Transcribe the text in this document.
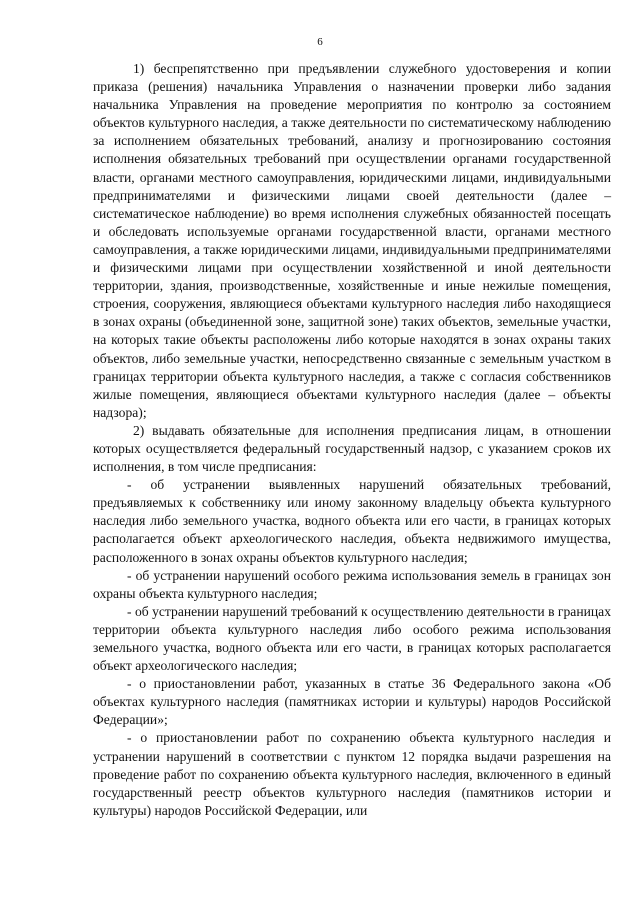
6

1) беспрепятственно при предъявлении служебного удостоверения и копии приказа (решения) начальника Управления о назначении проверки либо задания начальника Управления на проведение мероприятия по контролю за состоянием объектов культурного наследия, а также деятельности по систематическому наблюдению за исполнением обязательных требований, анализу и прогнозированию состояния исполнения обязательных требований при осуществлении органами государственной власти, органами местного самоуправления, юридическими лицами, индивидуальными предпринимателями и физическими лицами своей деятельности (далее – систематическое наблюдение) во время исполнения служебных обязанностей посещать и обследовать используемые органами государственной власти, органами местного самоуправления, а также юридическими лицами, индивидуальными предпринимателями и физическими лицами при осуществлении хозяйственной и иной деятельности территории, здания, производственные, хозяйственные и иные нежилые помещения, строения, сооружения, являющиеся объектами культурного наследия либо находящиеся в зонах охраны (объединенной зоне, защитной зоне) таких объектов, земельные участки, на которых такие объекты расположены либо которые находятся в зонах охраны таких объектов, либо земельные участки, непосредственно связанные с земельным участком в границах территории объекта культурного наследия, а также с согласия собственников жилые помещения, являющиеся объектами культурного наследия (далее – объекты надзора);

2) выдавать обязательные для исполнения предписания лицам, в отношении которых осуществляется федеральный государственный надзор, с указанием сроков их исполнения, в том числе предписания:

- об устранении выявленных нарушений обязательных требований, предъявляемых к собственнику или иному законному владельцу объекта культурного наследия либо земельного участка, водного объекта или его части, в границах которых располагается объект археологического наследия, объекта недвижимого имущества, расположенного в зонах охраны объектов культурного наследия;

- об устранении нарушений особого режима использования земель в границах зон охраны объекта культурного наследия;

- об устранении нарушений требований к осуществлению деятельности в границах территории объекта культурного наследия либо особого режима использования земельного участка, водного объекта или его части, в границах которых располагается объект археологического наследия;

- о приостановлении работ, указанных в статье 36 Федерального закона «Об объектах культурного наследия (памятниках истории и культуры) народов Российской Федерации»;

- о приостановлении работ по сохранению объекта культурного наследия и устранении нарушений в соответствии с пунктом 12 порядка выдачи разрешения на проведение работ по сохранению объекта культурного наследия, включенного в единый государственный реестр объектов культурного наследия (памятников истории и культуры) народов Российской Федерации, или
